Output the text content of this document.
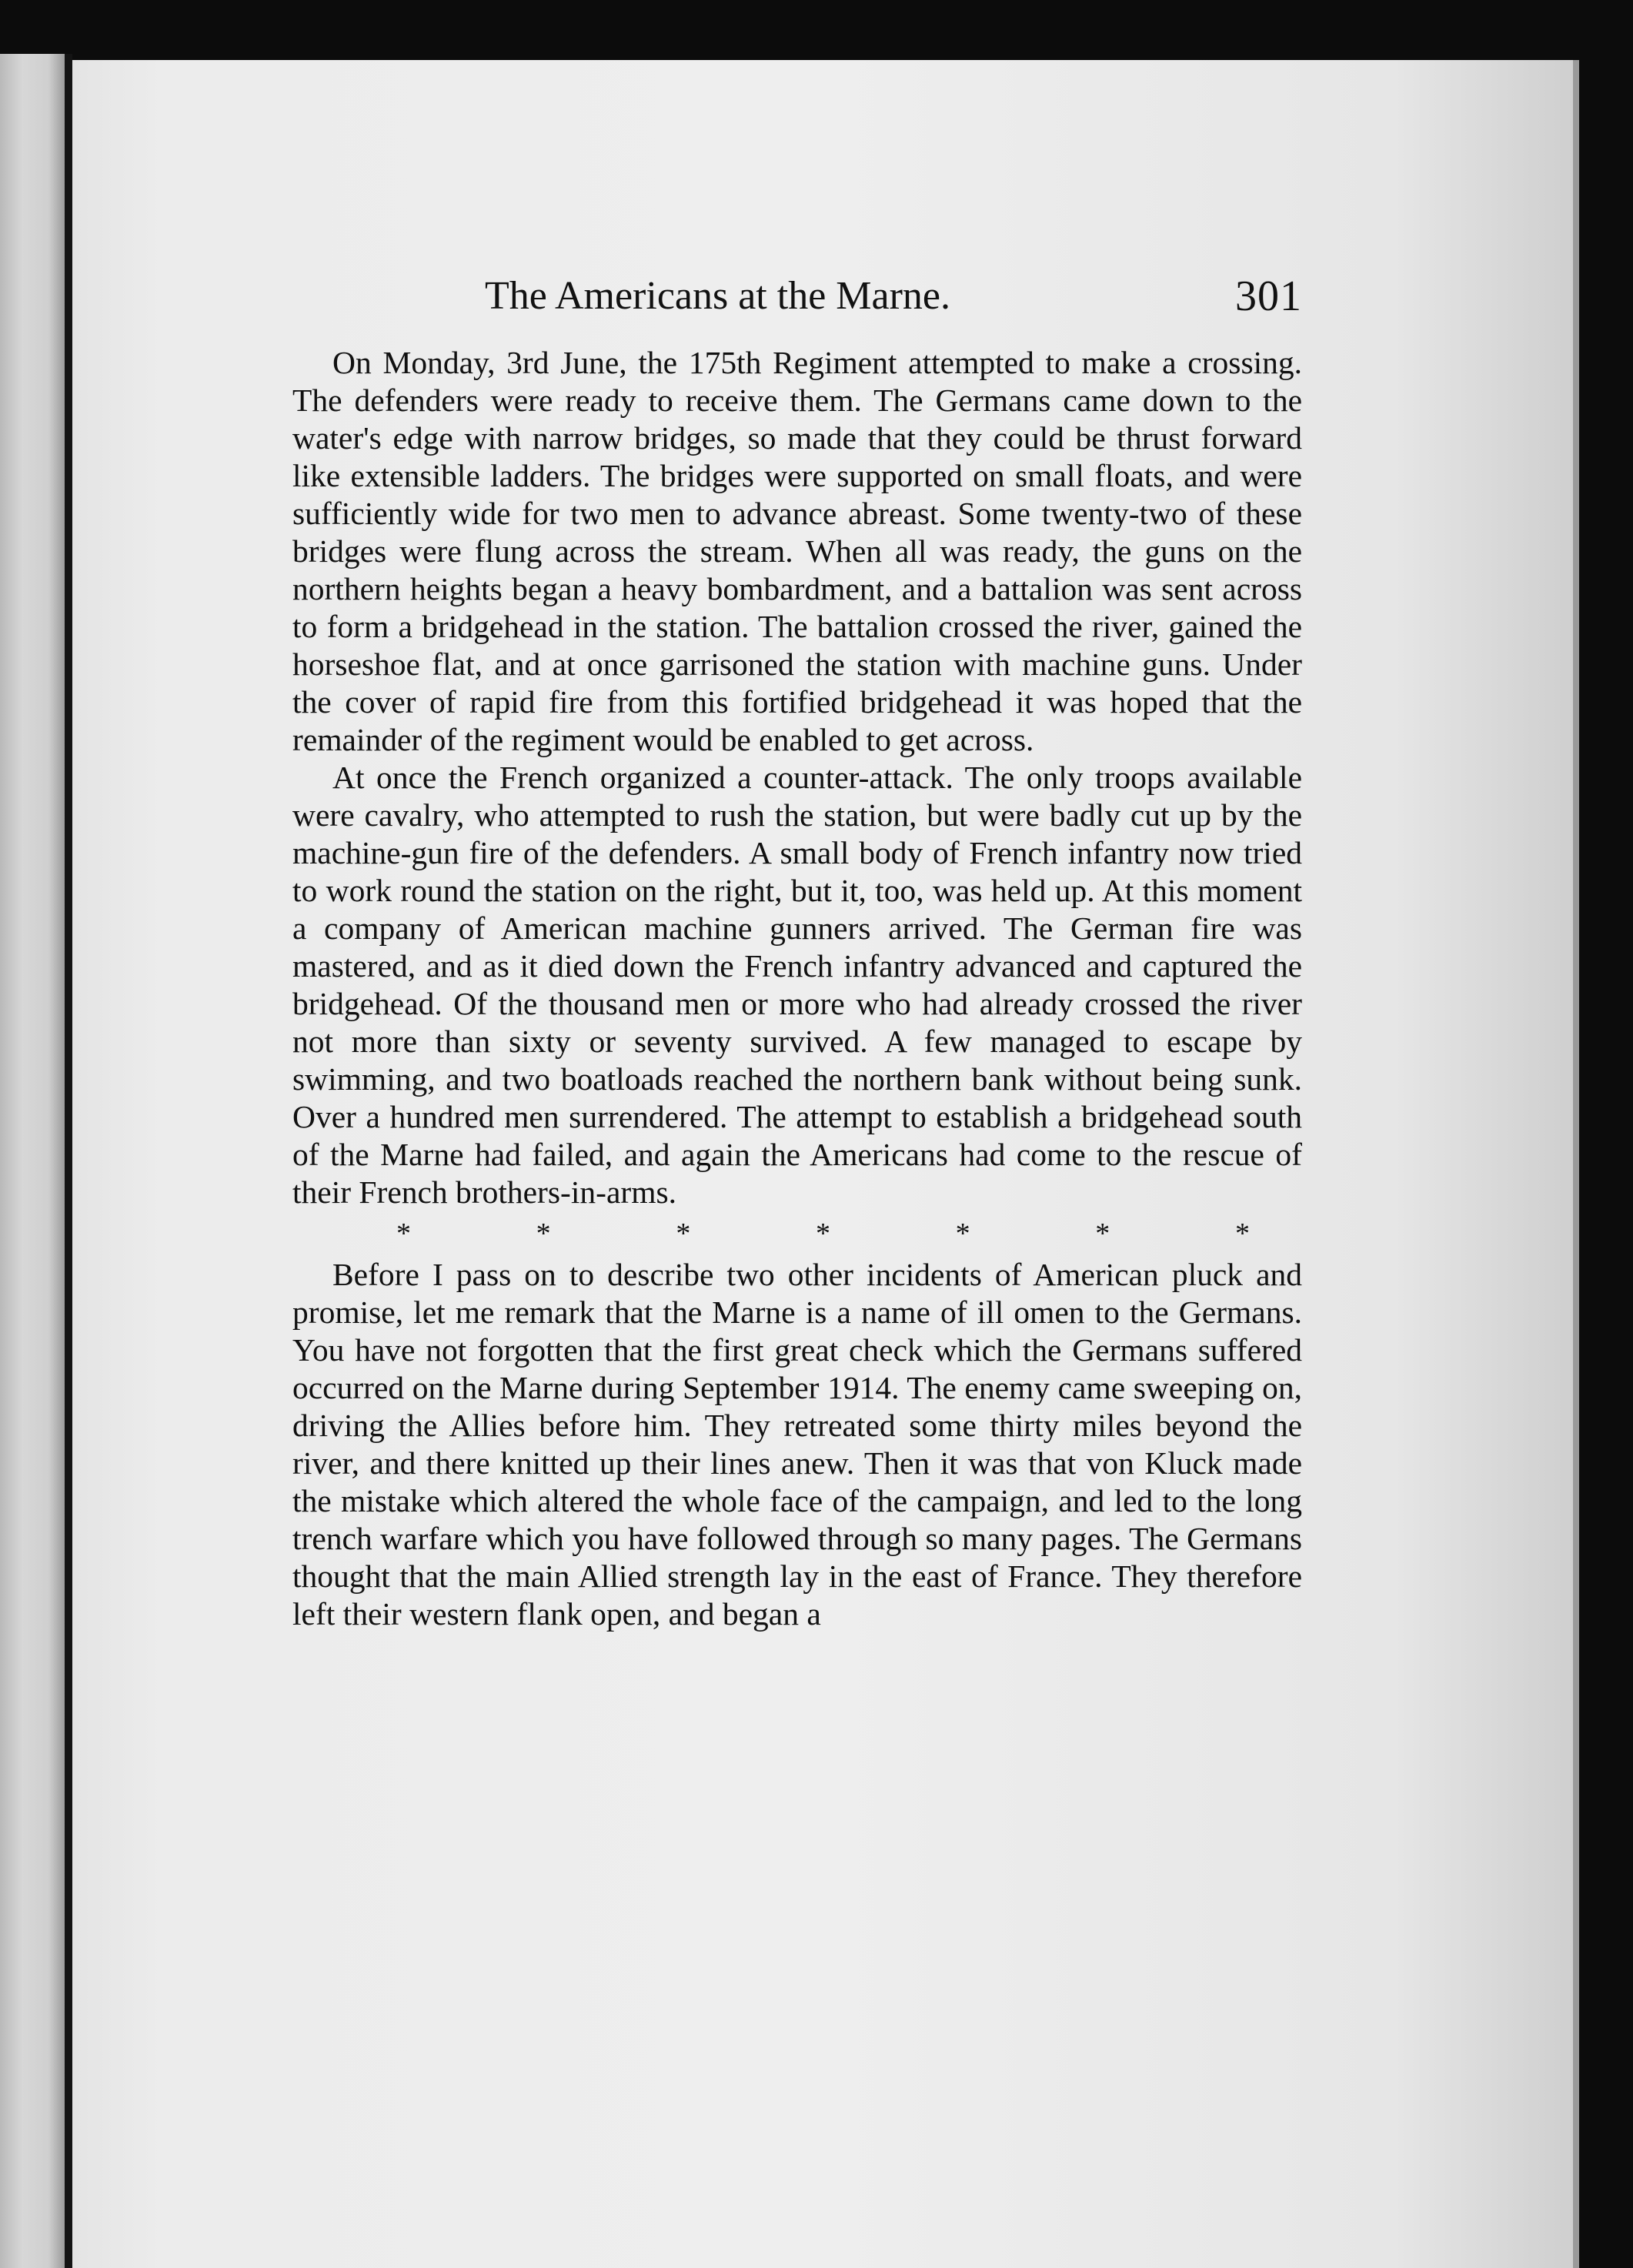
The Americans at the Marne.	301

On Monday, 3rd June, the 175th Regiment attempted to make a crossing. The defenders were ready to receive them. The Germans came down to the water's edge with narrow bridges, so made that they could be thrust forward like extensible ladders. The bridges were supported on small floats, and were sufficiently wide for two men to advance abreast. Some twenty-two of these bridges were flung across the stream. When all was ready, the guns on the northern heights began a heavy bombardment, and a battalion was sent across to form a bridgehead in the station. The battalion crossed the river, gained the horseshoe flat, and at once garrisoned the station with machine guns. Under the cover of rapid fire from this fortified bridgehead it was hoped that the remainder of the regiment would be enabled to get across.

At once the French organized a counter-attack. The only troops available were cavalry, who attempted to rush the station, but were badly cut up by the machine-gun fire of the defenders. A small body of French infantry now tried to work round the station on the right, but it, too, was held up. At this moment a company of American machine gunners arrived. The German fire was mastered, and as it died down the French infantry advanced and captured the bridgehead. Of the thousand men or more who had already crossed the river not more than sixty or seventy survived. A few managed to escape by swimming, and two boatloads reached the northern bank without being sunk. Over a hundred men surrendered. The attempt to establish a bridgehead south of the Marne had failed, and again the Americans had come to the rescue of their French brothers-in-arms.

*	*	*	*	*	*	*

Before I pass on to describe two other incidents of American pluck and promise, let me remark that the Marne is a name of ill omen to the Germans. You have not forgotten that the first great check which the Germans suffered occurred on the Marne during September 1914. The enemy came sweeping on, driving the Allies before him. They retreated some thirty miles beyond the river, and there knitted up their lines anew. Then it was that von Kluck made the mistake which altered the whole face of the campaign, and led to the long trench warfare which you have followed through so many pages. The Germans thought that the main Allied strength lay in the east of France. They therefore left their western flank open, and began a
